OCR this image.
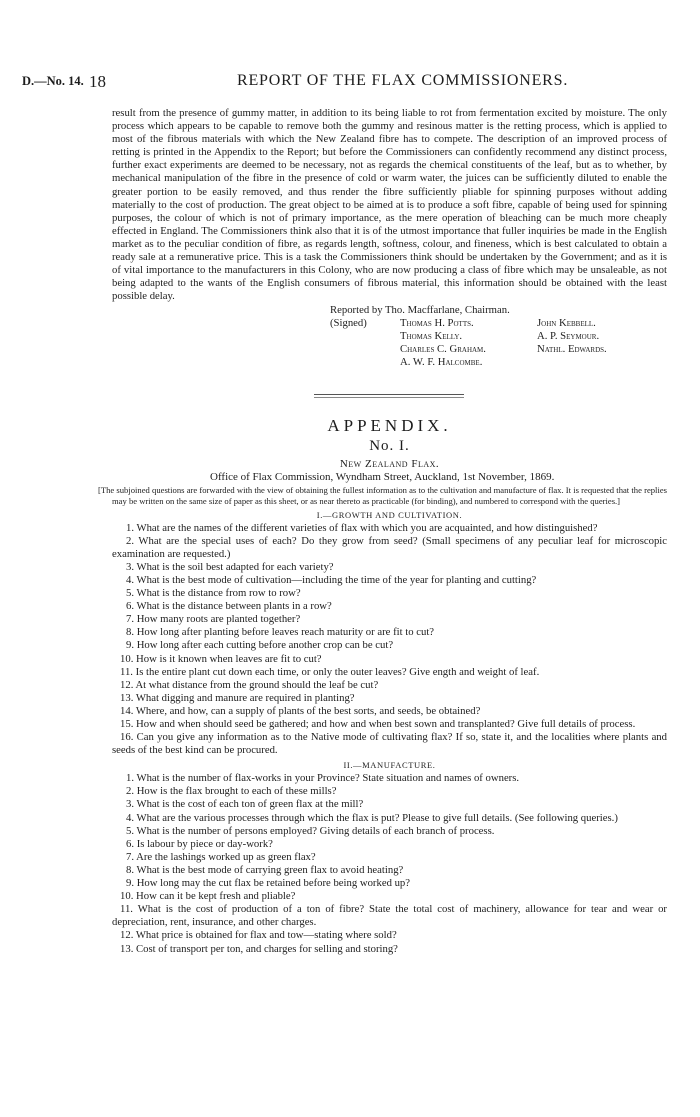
D.—No. 14. 18	REPORT OF THE FLAX COMMISSIONERS.

result from the presence of gummy matter, in addition to its being liable to rot from fermentation excited by moisture. The only process which appears to be capable to remove both the gummy and resinous matter is the retting process, which is applied to most of the fibrous materials with which the New Zealand fibre has to compete. The description of an improved process of retting is printed in the Appendix to the Report; but before the Commissioners can confidently recommend any distinct process, further exact experiments are deemed to be necessary, not as regards the chemical constituents of the leaf, but as to whether, by mechanical manipulation of the fibre in the presence of cold or warm water, the juices can be sufficiently diluted to enable the greater portion to be easily removed, and thus render the fibre sufficiently pliable for spinning purposes without adding materially to the cost of production. The great object to be aimed at is to produce a soft fibre, capable of being used for spinning purposes, the colour of which is not of primary importance, as the mere operation of bleaching can be much more cheaply effected in England. The Commissioners think also that it is of the utmost importance that fuller inquiries be made in the English market as to the peculiar condition of fibre, as regards length, softness, colour, and fineness, which is best calculated to obtain a ready sale at a remunerative price. This is a task the Commissioners think should be undertaken by the Government; and as it is of vital importance to the manufacturers in this Colony, who are now producing a class of fibre which may be unsaleable, as not being adapted to the wants of the English consumers of fibrous material, this information should be obtained with the least possible delay.

Reported by Tho. Macffarlane, Chairman.
(Signed)	Thomas H. Potts.
Thomas Kelly.
Charles C. Graham.
A. W. F. Halcombe.
John Kebbell.
A. P. Seymour.
Nathl. Edwards.

APPENDIX.

No. I.

New Zealand Flax.

Office of Flax Commission, Wyndham Street, Auckland, 1st November, 1869.

[The subjoined questions are forwarded with the view of obtaining the fullest information as to the cultivation and manufacture of flax. It is requested that the replies may be written on the same size of paper as this sheet, or as near thereto as practicable (for binding), and numbered to correspond with the queries.]

I.—GROWTH AND CULTIVATION.

1. What are the names of the different varieties of flax with which you are acquainted, and how distinguished?

2. What are the special uses of each? Do they grow from seed? (Small specimens of any peculiar leaf for microscopic examination are requested.)

3. What is the soil best adapted for each variety?

4. What is the best mode of cultivation—including the time of the year for planting and cutting?

5. What is the distance from row to row?

6. What is the distance between plants in a row?

7. How many roots are planted together?

8. How long after planting before leaves reach maturity or are fit to cut?

9. How long after each cutting before another crop can be cut?

10. How is it known when leaves are fit to cut?

11. Is the entire plant cut down each time, or only the outer leaves? Give ength and weight of leaf.

12. At what distance from the ground should the leaf be cut?

13. What digging and manure are required in planting?

14. Where, and how, can a supply of plants of the best sorts, and seeds, be obtained?

15. How and when should seed be gathered; and how and when best sown and transplanted? Give full details of process.

16. Can you give any information as to the Native mode of cultivating flax? If so, state it, and the localities where plants and seeds of the best kind can be procured.

II.—MANUFACTURE.

1. What is the number of flax-works in your Province? State situation and names of owners.

2. How is the flax brought to each of these mills?

3. What is the cost of each ton of green flax at the mill?

4. What are the various processes through which the flax is put? Please to give full details. (See following queries.)

5. What is the number of persons employed? Giving details of each branch of process.

6. Is labour by piece or day-work?

7. Are the lashings worked up as green flax?

8. What is the best mode of carrying green flax to avoid heating?

9. How long may the cut flax be retained before being worked up?

10. How can it be kept fresh and pliable?

11. What is the cost of production of a ton of fibre? State the total cost of machinery, allowance for tear and wear or depreciation, rent, insurance, and other charges.

12. What price is obtained for flax and tow—stating where sold?

13. Cost of transport per ton, and charges for selling and storing?
